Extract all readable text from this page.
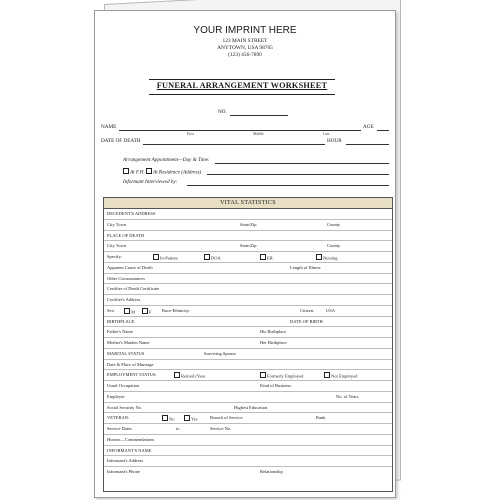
YOUR IMPRINT HERE
123 MAIN STREET
ANYTOWN, USA 98765
(123) 456-7890
FUNERAL ARRANGEMENT WORKSHEET
NO.
NAME	AGE
First	Middle	Last
DATE OF DEATH	HOUR
Arrangement Appointment—Day & Time:
At F.H.	At Residence (Address)
Informant Interviewed by:
VITAL STATISTICS
DECEDENT'S ADDRESS
City Town	State/Zip	County
PLACE OF DEATH
City Town	State/Zip	County
Specify:	In-Patient	DOA	ER	Nursing
Apparent Cause of Death	Length of Illness
Other Circumstances
Certifier of Death Certificate
Certifier's Address
Sex:	M	F Race-Ethnicity:	Citizen:	USA
BIRTHPLACE	DATE OF BIRTH
Father's Name	His Birthplace
Mother's Maiden Name	Her Birthplace
MARITAL STATUS	Surviving Spouse
Date & Place of Marriage
EMPLOYMENT STATUS:	Retired (Year	Formerly Employed	Not Employed
Usual Occupation	Kind of Business
Employer	No. of Years
Social Security No.	Highest Education
VETERAN:	No	Yes	Branch of Service	Rank
Service Dates	to	Service No.
Honors—Commendations
INFORMANT'S NAME
Informant's Address
Informant's Phone	Relationship
